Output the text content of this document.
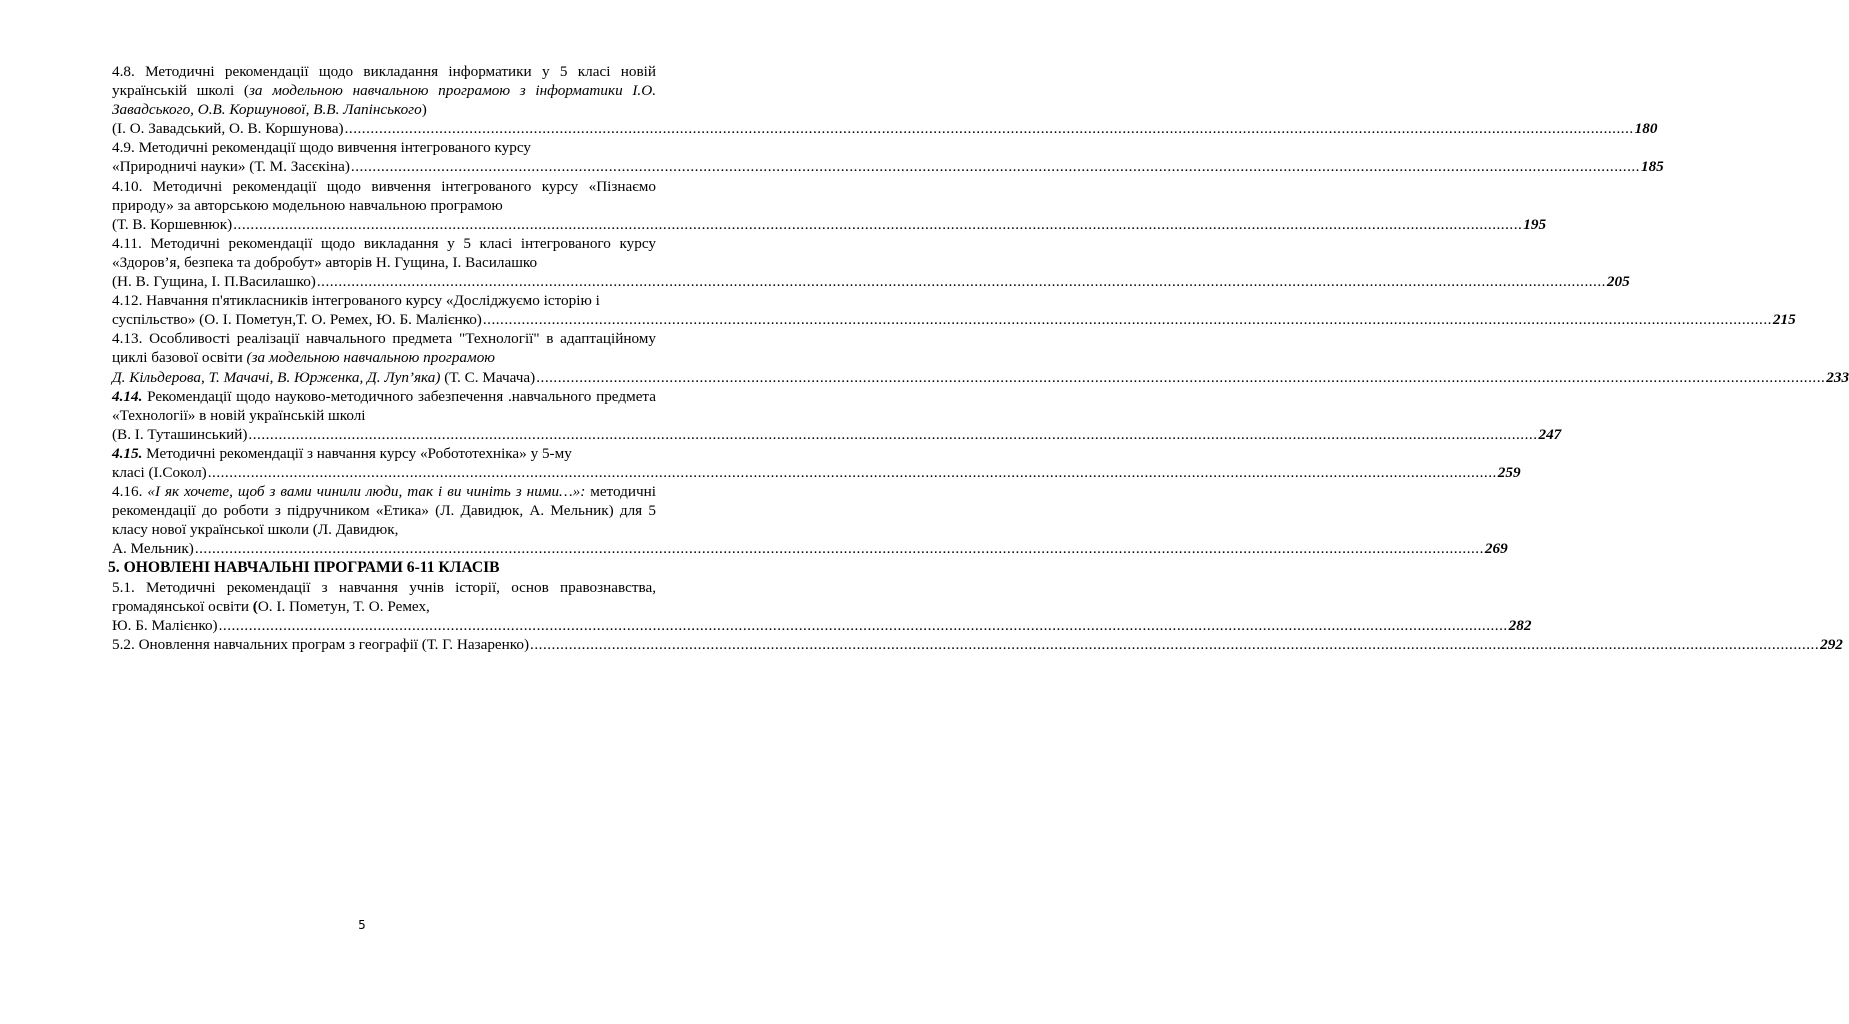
4.8. Методичні рекомендації щодо викладання інформатики у 5 класі новій українській школі (за модельною навчальною програмою з інформатики І.О. Завадського, О.В. Коршунової, В.В. Лапінського)

(І. О. Завадський, О. В. Коршунова) ............................................................................................................................................................................................................................................................................................................ 180

4.9. Методичні рекомендації щодо вивчення інтегрованого курсу

«Природничі науки» (Т. М. Засєкіна) ............................................................................................................................................................................................................................................................................................................ 185

4.10. Методичні рекомендації щодо вивчення інтегрованого курсу «Пізнаємо природу» за авторською модельною навчальною програмою

(Т. В. Коршевнюк) ............................................................................................................................................................................................................................................................................................................ 195

4.11. Методичні рекомендації щодо викладання у 5 класі інтегрованого курсу «Здоров’я, безпека та добробут» авторів Н. Гущина, І. Василашко

(Н. В. Гущина, І. П.Василашко) ............................................................................................................................................................................................................................................................................................................ 205

4.12. Навчання п'ятикласників інтегрованого курсу «Досліджуємо історію і

суспільство» (О. І. Пометун,Т. О. Ремех, Ю. Б. Малієнко) ............................................................................................................................................................................................................................................................................................................ 215

4.13. Особливості реалізації навчального предмета "Технології" в адаптаційному циклі базової освіти (за модельною навчальною програмою

Д. Кільдерова, Т. Мачачі, В. Юрженка, Д. Луп’яка) (Т. С. Мачача) ............................................................................................................................................................................................................................................................................................................ 233

4.14. Рекомендації щодо науково-методичного забезпечення .навчального предмета «Технології» в новій українській школі

(В. І. Туташинський) ............................................................................................................................................................................................................................................................................................................ 247

4.15. Методичні рекомендації з навчання курсу «Робототехніка» у 5-му

класі (І.Сокол) ............................................................................................................................................................................................................................................................................................................ 259

4.16. «І як хочете, щоб з вами чинили люди, так і ви чиніть з ними…»: методичні рекомендації до роботи з підручником «Етика» (Л. Давидюк, А. Мельник) для 5 класу нової української школи (Л. Давидюк,

А. Мельник) ............................................................................................................................................................................................................................................................................................................ 269
5. ОНОВЛЕНІ НАВЧАЛЬНІ ПРОГРАМИ 6-11 КЛАСІВ

5.1. Методичні рекомендації з навчання учнів історії, основ правознавства, громадянської освіти (О. І. Пометун, Т. О. Ремех,

Ю. Б. Малієнко) ............................................................................................................................................................................................................................................................................................................ 282
5.2. Оновлення навчальних програм з географії (Т. Г. Назаренко) ............................................................................................................................................................................................................................................................................................................ 292
5
